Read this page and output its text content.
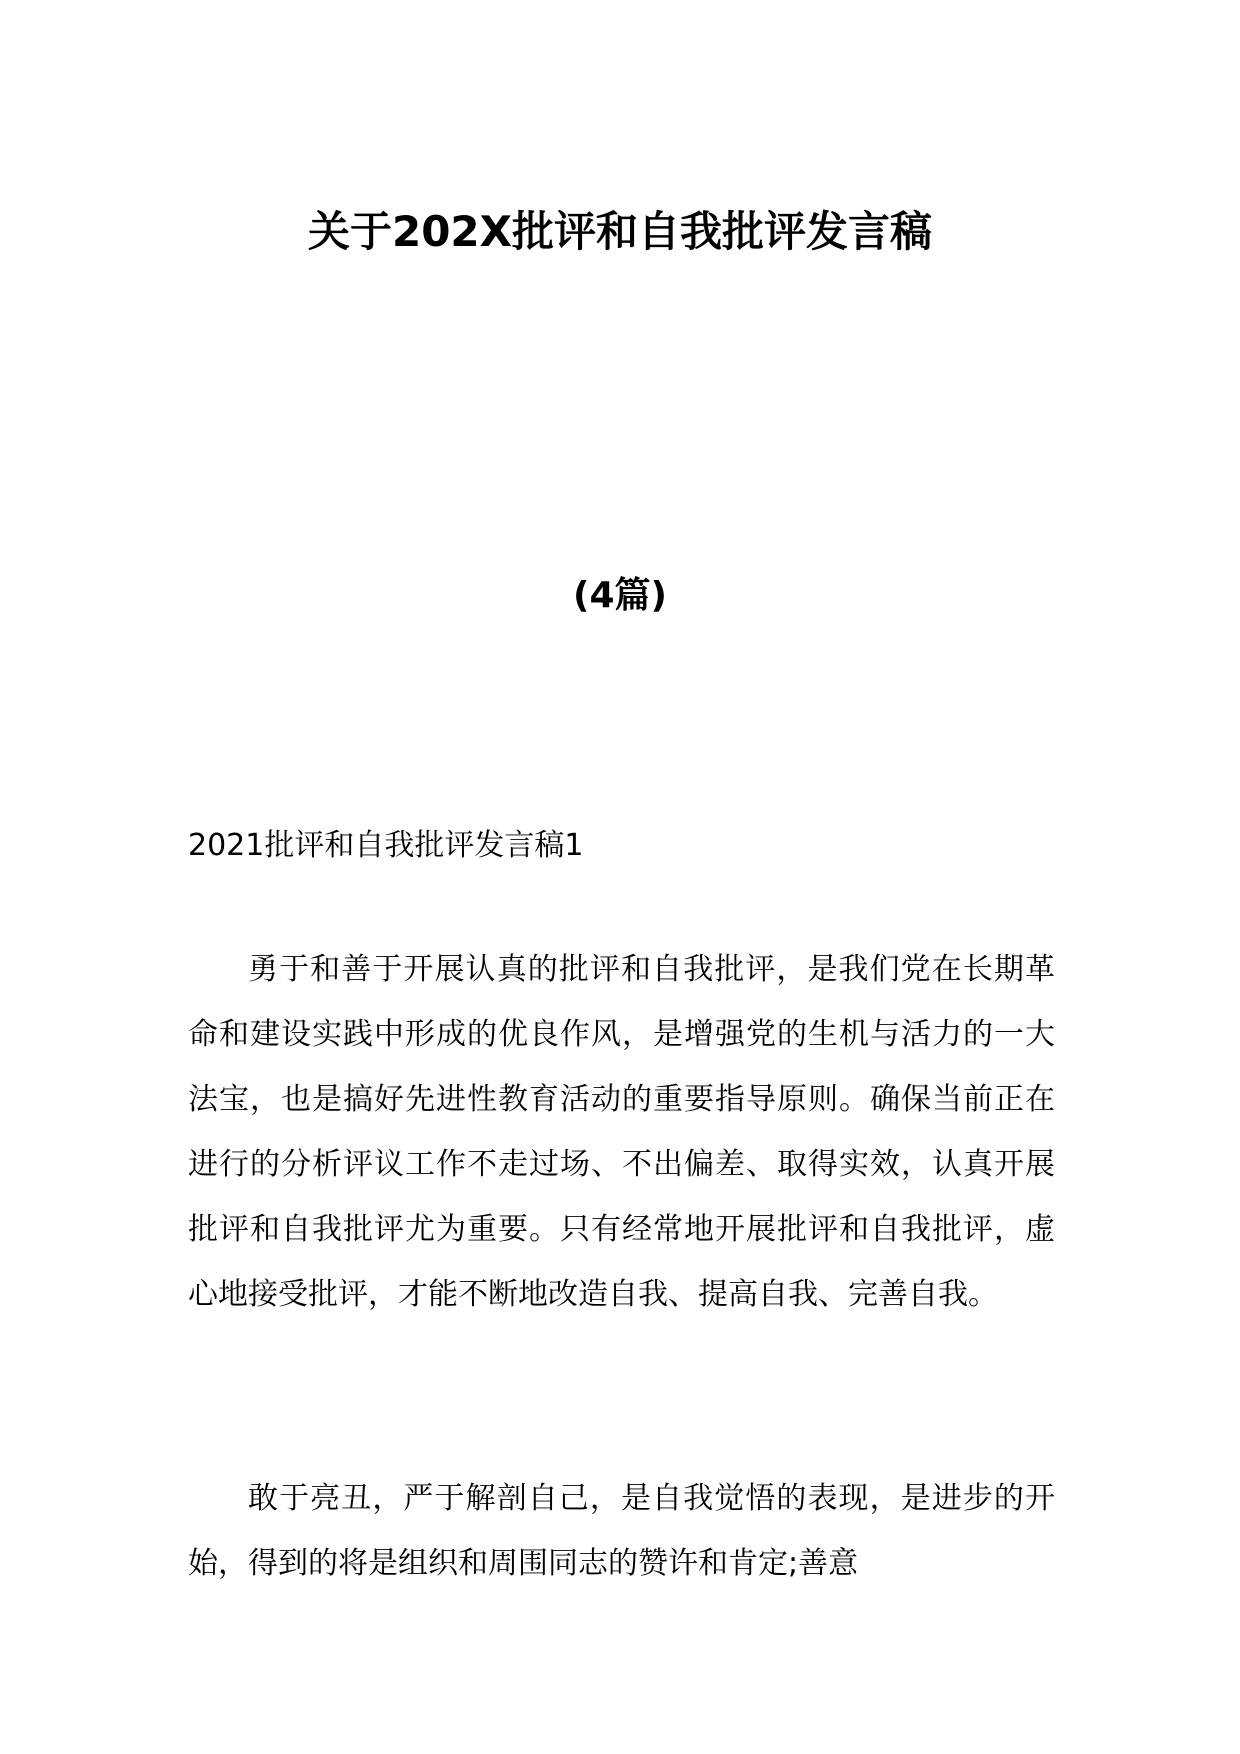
关于202X批评和自我批评发言稿
(4篇)
2021批评和自我批评发言稿1

勇于和善于开展认真的批评和自我批评，是我们党在长期革命和建设实践中形成的优良作风，是增强党的生机与活力的一大法宝，也是搞好先进性教育活动的重要指导原则。确保当前正在进行的分析评议工作不走过场、不出偏差、取得实效，认真开展批评和自我批评尤为重要。只有经常地开展批评和自我批评，虚心地接受批评，才能不断地改造自我、提高自我、完善自我。

敢于亮丑，严于解剖自己，是自我觉悟的表现，是进步的开始，得到的将是组织和周围同志的赞许和肯定;善意
